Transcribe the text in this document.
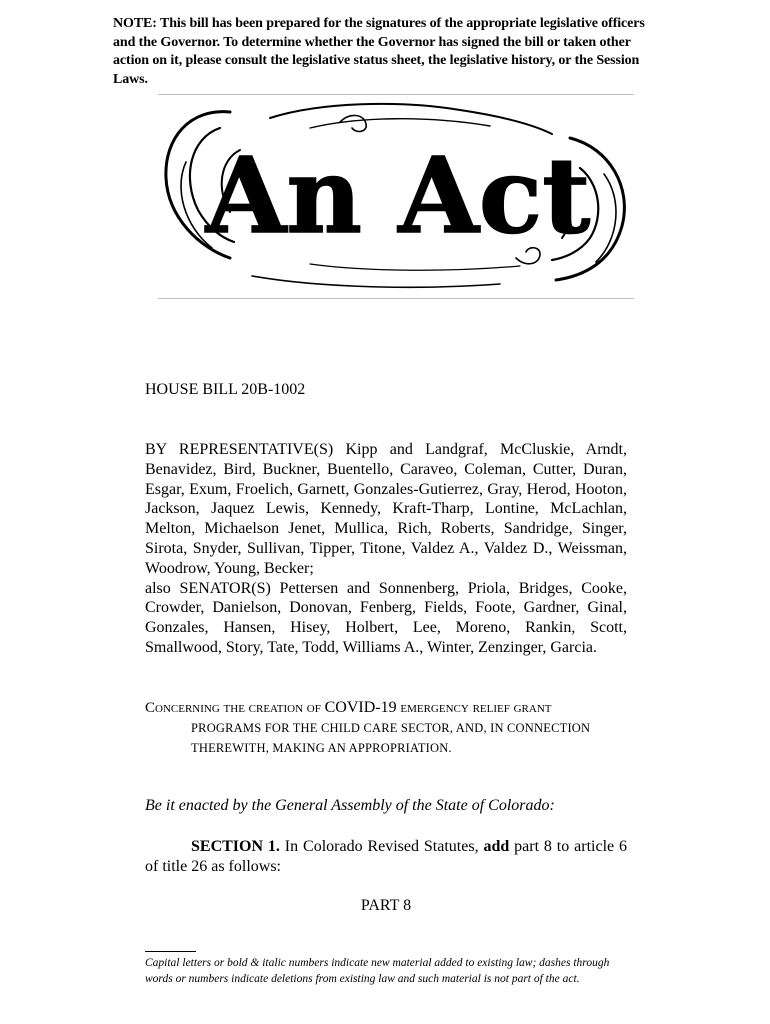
NOTE: This bill has been prepared for the signatures of the appropriate legislative officers and the Governor. To determine whether the Governor has signed the bill or taken other action on it, please consult the legislative status sheet, the legislative history, or the Session Laws.
An Act
HOUSE BILL 20B-1002

BY REPRESENTATIVE(S) Kipp and Landgraf, McCluskie, Arndt, Benavidez, Bird, Buckner, Buentello, Caraveo, Coleman, Cutter, Duran, Esgar, Exum, Froelich, Garnett, Gonzales-Gutierrez, Gray, Herod, Hooton, Jackson, Jaquez Lewis, Kennedy, Kraft-Tharp, Lontine, McLachlan, Melton, Michaelson Jenet, Mullica, Rich, Roberts, Sandridge, Singer, Sirota, Snyder, Sullivan, Tipper, Titone, Valdez A., Valdez D., Weissman, Woodrow, Young, Becker;

also SENATOR(S) Pettersen and Sonnenberg, Priola, Bridges, Cooke, Crowder, Danielson, Donovan, Fenberg, Fields, Foote, Gardner, Ginal, Gonzales, Hansen, Hisey, Holbert, Lee, Moreno, Rankin, Scott, Smallwood, Story, Tate, Todd, Williams A., Winter, Zenzinger, Garcia.

Concerning the creation of COVID-19 emergency relief grant
PROGRAMS FOR THE CHILD CARE SECTOR, AND, IN CONNECTION
THEREWITH, MAKING AN APPROPRIATION.
Be it enacted by the General Assembly of the State of Colorado:

SECTION 1. In Colorado Revised Statutes, add part 8 to article 6 of title 26 as follows:

PART 8
Capital letters or bold & italic numbers indicate new material added to existing law; dashes through words or numbers indicate deletions from existing law and such material is not part of the act.
